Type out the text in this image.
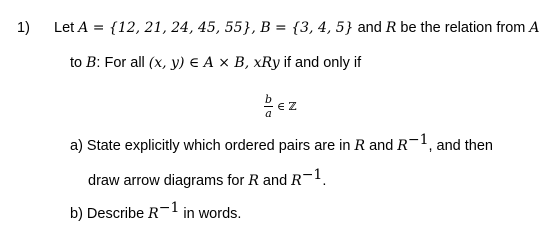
1) Let A = {12, 21, 24, 45, 55}, B = {3, 4, 5} and R be the relation from A
to B: For all (x, y) ∈ A × B, xRy if and only if
$\frac{b}{a}$ ∈ ℤ
a) State explicitly which ordered pairs are in R and $R^{-1}$, and then
draw arrow diagrams for R and $R^{-1}$.
b) Describe $R^{-1}$ in words.
